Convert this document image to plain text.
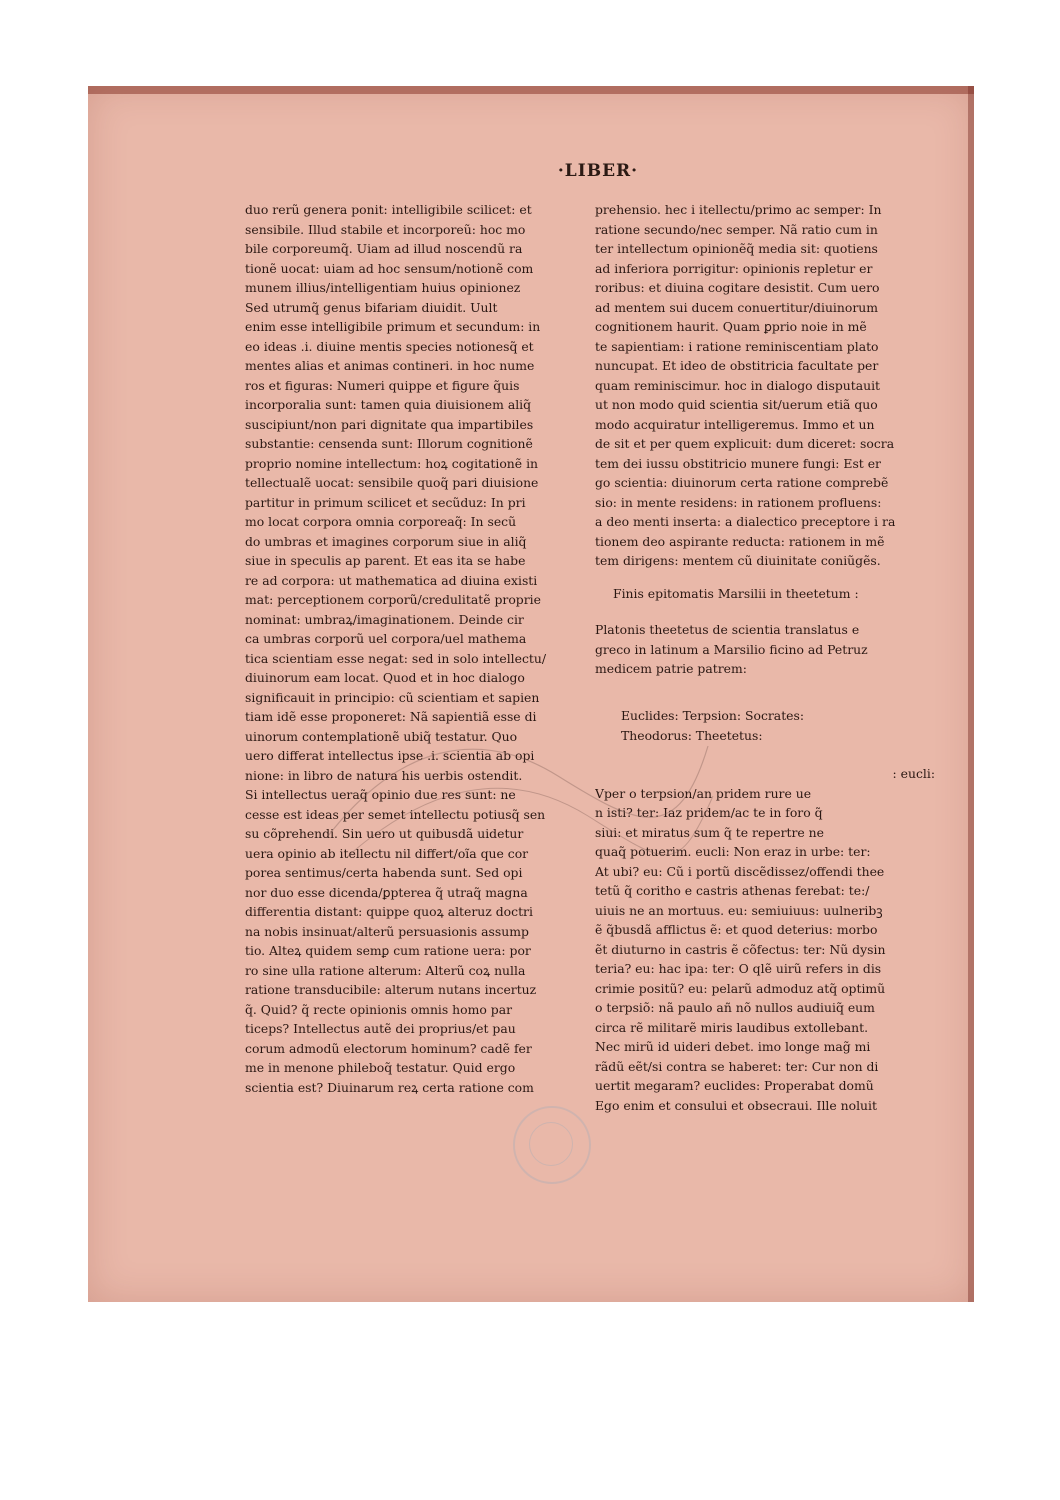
·LIBER·
duo rerũ genera ponit: intelligibile scilicet: et
sensibile. Illud stabile et incorporeũ: hoc mo
bile corporeumq̃. Uiam ad illud noscendũ ra
tionẽ uocat: uiam ad hoc sensum/notionẽ com
munem illius/intelligentiam huius opinionez
Sed utrumq̃ genus bifariam diuidit. Uult
enim esse intelligibile primum et secundum: in
eo ideas .i. diuine mentis species notionesq̃ et
mentes alias et animas contineri. in hoc nume
ros et figuras: Numeri quippe et figure q̃uis
incorporalia sunt: tamen quia diuisionem aliq̃
suscipiunt/non pari dignitate qua impartibiles
substantie: censenda sunt: Illorum cognitionẽ
proprio nomine intellectum: hoꝝ cogitationẽ in
tellectualẽ uocat: sensibile quoq̃ pari diuisione
partitur in primum scilicet et secũduz: In pri
mo locat corpora omnia corporeaq̃: In secũ
do umbras et imagines corporum siue in aliq̃
siue in speculis ap parent. Et eas ita se habe
re ad corpora: ut mathematica ad diuina existi
mat: perceptionem corporũ/credulitatẽ proprie
nominat: umbraꝝ/imaginationem. Deinde cir
ca umbras corporũ uel corpora/uel mathema
tica scientiam esse negat: sed in solo intellectu/
diuinorum eam locat. Quod et in hoc dialogo
significauit in principio: cũ scientiam et sapien
tiam idẽ esse proponeret: Nã sapientiã esse di
uinorum contemplationẽ ubiq̃ testatur. Quo
uero differat intellectus ipse .i. scientia ab opi
nione: in libro de natura his uerbis ostendit.
Si intellectus ueraq̃ opinio due res sunt: ne
cesse est ideas per semet intellectu potiusq̃ sen
su cõprehendi. Sin uero ut quibusdã uidetur
uera opinio ab itellectu nil differt/oĩa que cor
porea sentimus/certa habenda sunt. Sed opi
nor duo esse dicenda/ꝑpterea q̃ utraq̃ magna
differentia distant: quippe quoꝝ alteruz doctri
na nobis insinuat/alterũ persuasionis assump
tio. Alteꝝ quidem semꝑ cum ratione uera: por
ro sine ulla ratione alterum: Alterũ coꝝ nulla
ratione transducibile: alterum nutans incertuz
q̃. Quid? q̃ recte opinionis omnis homo par
ticeps? Intellectus autẽ dei proprius/et pau
corum admodũ electorum hominum? cadẽ fer
me in menone phileboq̃ testatur. Quid ergo
scientia est? Diuinarum reꝝ certa ratione com
prehensio. hec i itellectu/primo ac semper: In
ratione secundo/nec semper. Nã ratio cum in
ter intellectum opinionẽq̃ media sit: quotiens
ad inferiora porrigitur: opinionis repletur er
roribus: et diuina cogitare desistit. Cum uero
ad mentem sui ducem conuertitur/diuinorum
cognitionem haurit. Quam ꝑprio noie in mẽ
te sapientiam: i ratione reminiscentiam plato
nuncupat. Et ideo de obstitricia facultate per
quam reminiscimur. hoc in dialogo disputauit
ut non modo quid scientia sit/uerum etiã quo
modo acquiratur intelligeremus. Immo et un
de sit et per quem explicuit: dum diceret: socra
tem dei iussu obstitricio munere fungi: Est er
go scientia: diuinorum certa ratione comprebẽ
sio: in mente residens: in rationem profluens:
a deo menti inserta: a dialectico preceptore i ra
tionem deo aspirante reducta: rationem in mẽ
tem dirigens: mentem cũ diuinitate coniũgẽs.
Finis epitomatis Marsilii in theetetum :
Platonis theetetus de scientia translatus e
greco in latinum a Marsilio ficino ad Petruz
medicem patrie patrem:
Euclides: Terpsion: Socrates:
Theodorus: Theetetus:
: eucli:
Vper o terpsion/an pridem rure ue
n isti? ter: Iaz pridem/ac te in foro q̃
siui: et miratus sum q̃ te repertre ne
quaq̃ potuerim. eucli: Non eraz in urbe: ter:
At ubi? eu: Cũ i portũ discẽdissez/offendi thee
tetũ q̃ coritho e castris athenas ferebat: te:/
uiuis ne an mortuus. eu: semiuiuus: uulneribꝫ
ẽ q̃busdã afflictus ẽ: et quod deterius: morbo
ẽt diuturno in castris ẽ cõfectus: ter: Nũ dysin
teria? eu: hac ipa: ter: O qlẽ uirũ refers in dis
crimie positũ? eu: pelarũ admoduz atq̃ optimũ
o terpsiõ: nã paulo añ nõ nullos audiuiq̃ eum
circa rẽ militarẽ miris laudibus extollebant.
Nec mirũ id uideri debet. imo longe mag̃ mi
rãdũ eẽt/si contra se haberet: ter: Cur non di
uertit megaram? euclides: Properabat domũ
Ego enim et consului et obsecraui. Ille noluit
